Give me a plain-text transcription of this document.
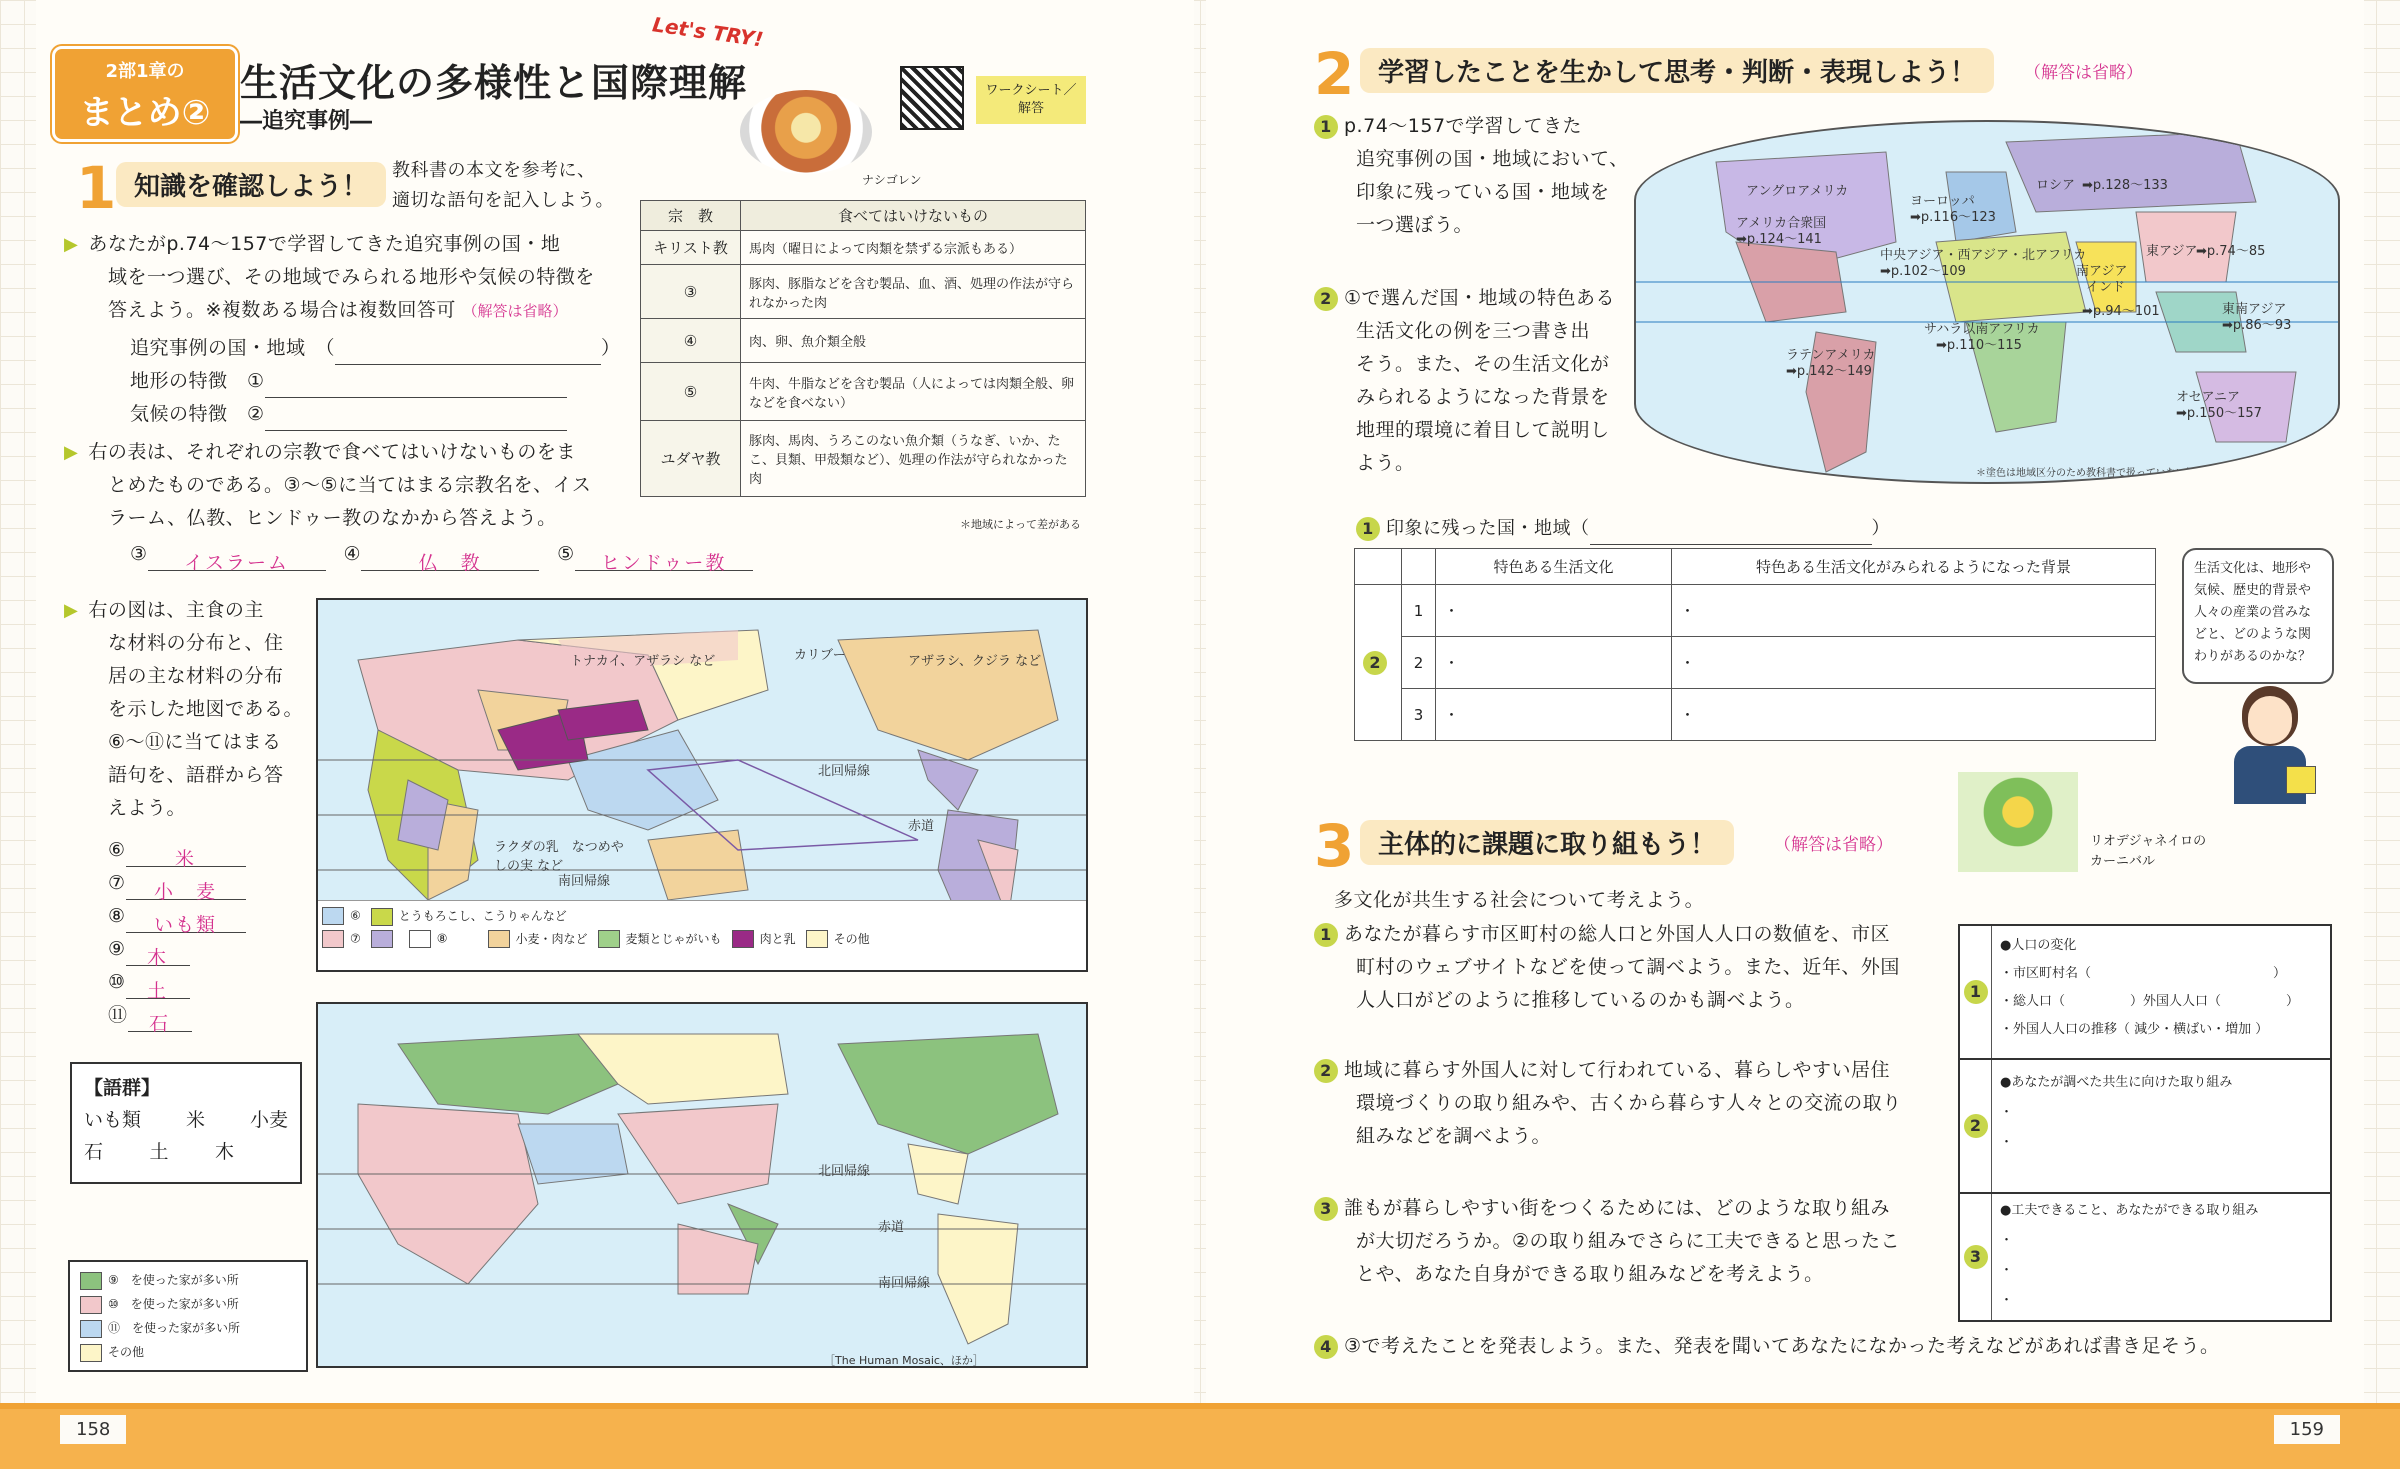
2部1章の
まとめ②
生活文化の多様性と国際理解
―追究事例―
Let's TRY!
ナシゴレン
ワークシート／解答
1 知識を確認しよう！
教科書の本文を参考に、
適切な語句を記入しよう。
▶ あなたがp.74〜157で学習してきた追究事例の国・地
域を一つ選び、その地域でみられる地形や気候の特徴を
答えよう。※複数ある場合は複数回答可 （解答は省略）
追究事例の国・地域　（	）
地形の特徴　①
気候の特徴　②
▶ 右の表は、それぞれの宗教で食べてはいけないものをま
とめたものである。③〜⑤に当てはまる宗教名を、イス
ラーム、仏教、ヒンドゥー教のなかから答えよう。
③ イスラーム	④	仏　教	⑤ ヒンドゥー教
宗　教	食べてはいけないもの
キリスト教	馬肉（曜日によって肉類を禁ずる宗派もある）
③	豚肉、豚脂などを含む製品、血、酒、処理の作法が守られなかった肉
④	肉、卵、魚介類全般
⑤	牛肉、牛脂などを含む製品（人によっては肉類全般、卵などを食べない）
ユダヤ教	豚肉、馬肉、うろこのない魚介類（うなぎ、いか、たこ、貝類、甲殻類など）、処理の作法が守られなかった肉
＊地域によって差がある
▶ 右の図は、主食の主
な材料の分布と、住
居の主な材料の分布
を示した地図である。
⑥〜⑪に当てはまる
語句を、語群から答
えよう。
⑥	米
⑦ 小　麦
⑧ いも類
⑨ 木
⑩ 土
⑪ 石
【語群】
いも類 米 小麦
石 土 木
トナカイ、アザラシ など	カリブー	アザラシ、クジラ など
北回帰線
赤道
南回帰線
ラクダの乳　なつめやしの実 など
⑥	とうもろこし、こうりゃんなど
⑦	⑧	小麦・肉など	麦類とじゃがいも	肉と乳	その他
北回帰線
赤道
南回帰線
［The Human Mosaic、ほか］
⑨　を使った家が多い所
⑩　を使った家が多い所
⑪　を使った家が多い所
その他
2 学習したことを生かして思考・判断・表現しよう！	（解答は省略）
1 p.74〜157で学習してきた
追究事例の国・地域において、
印象に残っている国・地域を
一つ選ぼう。
2 ①で選んだ国・地域の特色ある
生活文化の例を三つ書き出
そう。また、その生活文化が
みられるようになった背景を
地理的環境に着目して説明し
よう。
アングロアメリカ
アメリカ合衆国
➡p.124〜141
ヨーロッパ
➡p.116〜123
ロシア ➡p.128〜133
中央アジア・西アジア・北アフリカ
➡p.102〜109
東アジア
➡p.74〜85
南アジア
インド
➡p.94〜101	東南アジア
➡p.86〜93
サハラ以南アフリカ
➡p.110〜115
ラテンアメリカ
➡p.142〜149
オセアニア
➡p.150〜157
＊塗色は地域区分のため教科書で扱っていない国を含む
1 印象に残った国・地域（	）
		特色ある生活文化	特色ある生活文化がみられるようになった背景
2	1	・	・
	2	・	・
	3	・	・
生活文化は、地形や
気候、歴史的背景や
人々の産業の営みな
どと、どのような関
わりがあるのかな？
3 主体的に課題に取り組もう！	（解答は省略）	リオデジャネイロの
カーニバル
多文化が共生する社会について考えよう。
1 あなたが暮らす市区町村の総人口と外国人人口の数値を、市区
町村のウェブサイトなどを使って調べよう。また、近年、外国
人人口がどのように推移しているのかも調べよう。
2 地域に暮らす外国人に対して行われている、暮らしやすい居住
環境づくりの取り組みや、古くから暮らす人々との交流の取り
組みなどを調べよう。
3 誰もが暮らしやすい街をつくるためには、どのような取り組み
が大切だろうか。②の取り組みでさらに工夫できると思ったこ
とや、あなた自身ができる取り組みなどを考えよう。
4 ③で考えたことを発表しよう。また、発表を聞いてあなたになかった考えなどがあれば書き足そう。
1
●人口の変化
・市区町村名（　　　　　　　　　　　　　　）
・総人口（　　　　　）外国人人口（　　　　　）
・外国人人口の推移（ 減少・横ばい・増加 ）
2
●あなたが調べた共生に向けた取り組み
・
・
3
●工夫できること、あなたができる取り組み
・
・
・
158	159
